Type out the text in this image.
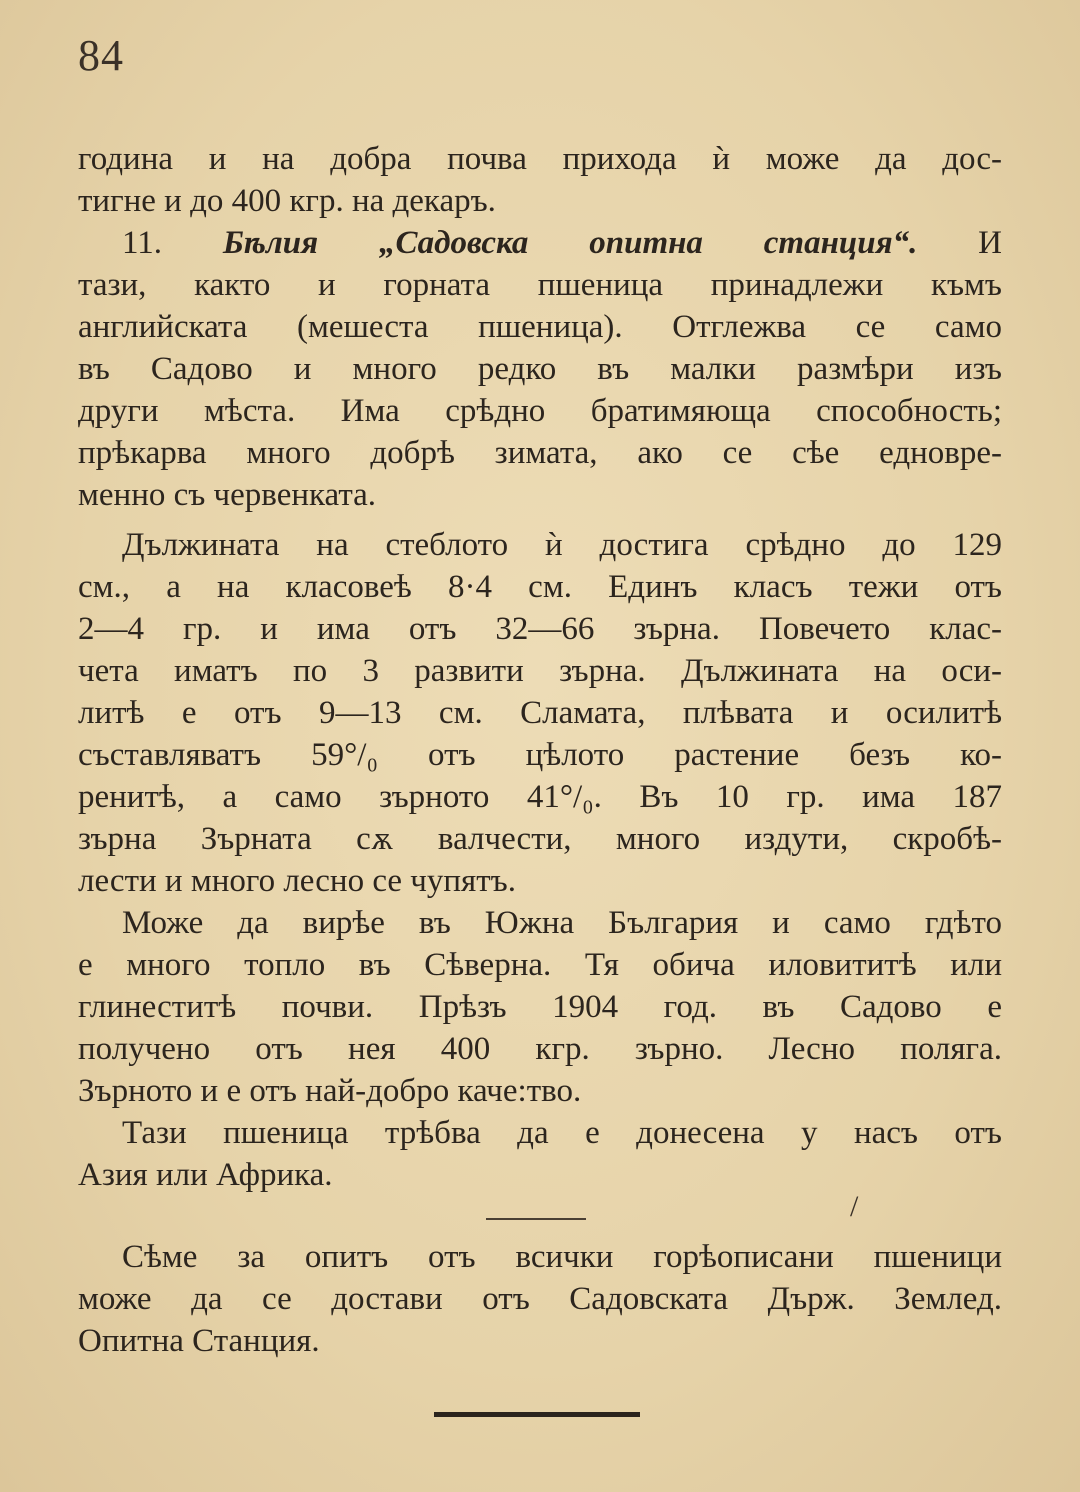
84
година и на добра почва прихода ѝ може да дос-
тигне и до 400 кгр. на декаръ.
11. Бѣлия „Садовска опитна станция“. И
тази, както и горната пшеница принадлежи къмъ
английската (мешеста пшеница). Отглежва се само
въ Садово и много редко въ малки размѣри изъ
други мѣста. Има срѣдно братимяюща способность;
прѣкарва много добрѣ зимата, ако се сѣе едновре-
менно съ червенката.
Дължината на стеблото ѝ достига срѣдно до 129
см., а на класовеѣ 8·4 см. Единъ класъ тежи отъ
2—4 гр. и има отъ 32—66 зърна. Повечето клас-
чета иматъ по 3 развити зърна. Дължината на оси-
литѣ е отъ 9—13 см. Сламата, плѣвата и осилитѣ
съставляватъ 59°/₀ отъ цѣлото растение безъ ко-
ренитѣ, а само зърното 41°/₀. Въ 10 гр. има 187
зърна Зърната сѫ валчести, много издути, скробѣ-
лести и много лесно се чупятъ.
Може да вирѣе въ Южна България и само гдѣто
е много топло въ Сѣверна. Тя обича иловититѣ или
глинеститѣ почви. Прѣзъ 1904 год. въ Садово е
получено отъ нея 400 кгр. зърно. Лесно поляга.
Зърното и е отъ най-добро каче:тво.
Тази пшеница трѣбва да е донесена у насъ отъ
Азия или Африка.
/
Сѣме за опитъ отъ всички горѣописани пшеници
може да се достави отъ Садовската Държ. Землед.
Опитна Станция.
